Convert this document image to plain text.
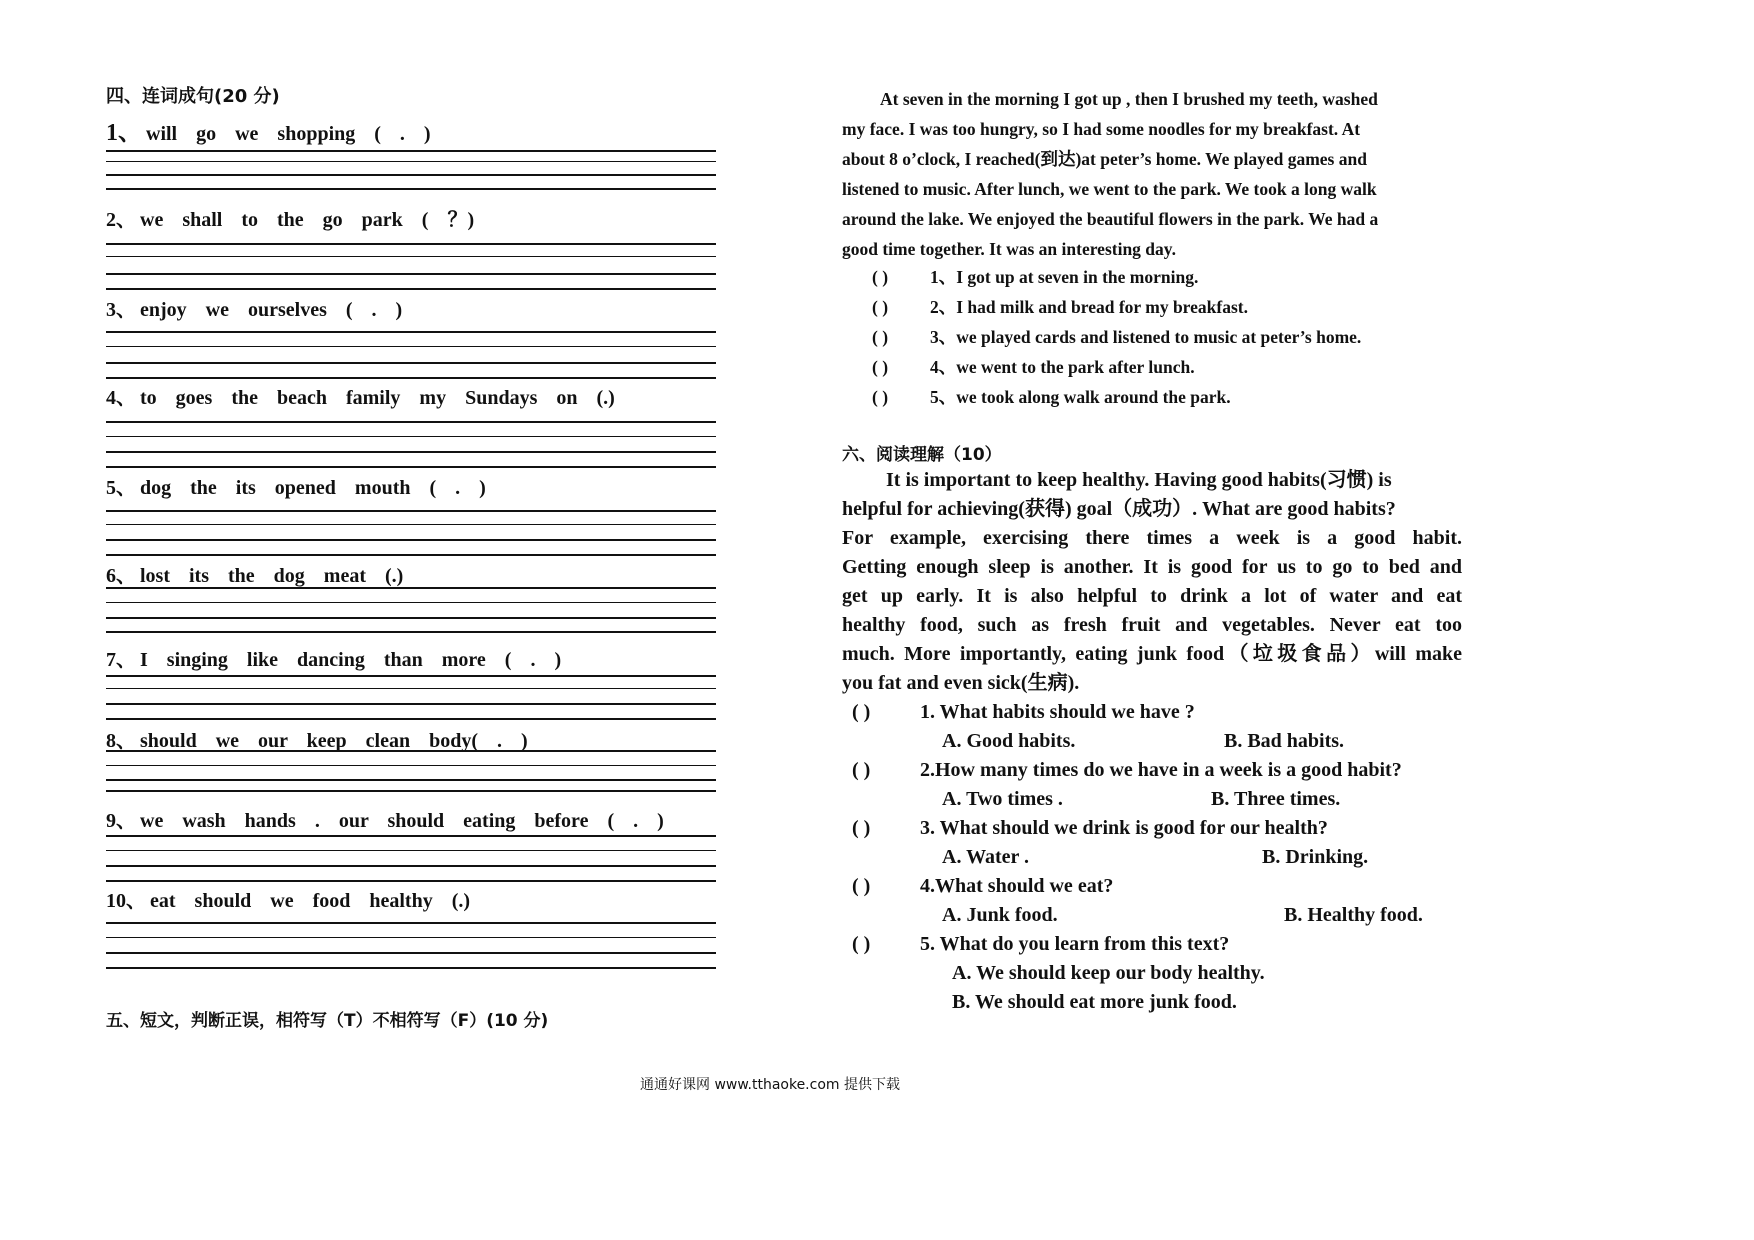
四、连词成句(20 分)
1、 will go we shopping ( . )
2、 we shall to the go park ( ？)
3、 enjoy we ourselves ( . )
4、 to goes the beach family my Sundays on (.)
5、 dog the its opened mouth ( . )
6、 lost its the dog meat (.)
7、 I singing like dancing than more ( . )
8、 should we our keep clean body( . )
9、 we wash hands . our should eating before ( . )
10、 eat should we food healthy (.)
五、短文，判断正误，相符写（T）不相符写（F）(10 分)
At seven in the morning I got up , then I brushed my teeth, washed
my face. I was too hungry, so I had some noodles for my breakfast. At
about 8 o’clock, I reached(到达)at peter’s home. We played games and
listened to music. After lunch, we went to the park. We took a long walk
around the lake. We enjoyed the beautiful flowers in the park. We had a
good time together. It was an interesting day.
( ) 1、I got up at seven in the morning.
( ) 2、I had milk and bread for my breakfast.
( ) 3、we played cards and listened to music at peter’s home.
( ) 4、we went to the park after lunch.
( ) 5、we took along walk around the park.
六、阅读理解（10）
It is important to keep healthy. Having good habits(习惯) is
helpful for achieving(获得) goal（成功）. What are good habits?
For example, exercising there times a week is a good habit.
Getting enough sleep is another. It is good for us to go to bed and
get up early. It is also helpful to drink a lot of water and eat
healthy food, such as fresh fruit and vegetables. Never eat too
much. More importantly, eating junk food（垃圾食品）will make
you fat and even sick(生病).
( ) 1. What habits should we have ?
A. Good habits.	B. Bad habits.
( ) 2.How many times do we have in a week is a good habit?
A. Two times .	B. Three times.
( ) 3. What should we drink is good for our health?
A. Water .	B. Drinking.
( ) 4.What should we eat?
A. Junk food.	B. Healthy food.
( ) 5. What do you learn from this text?
A. We should keep our body healthy.
B. We should eat more junk food.
通通好课网 www.tthaoke.com 提供下载
